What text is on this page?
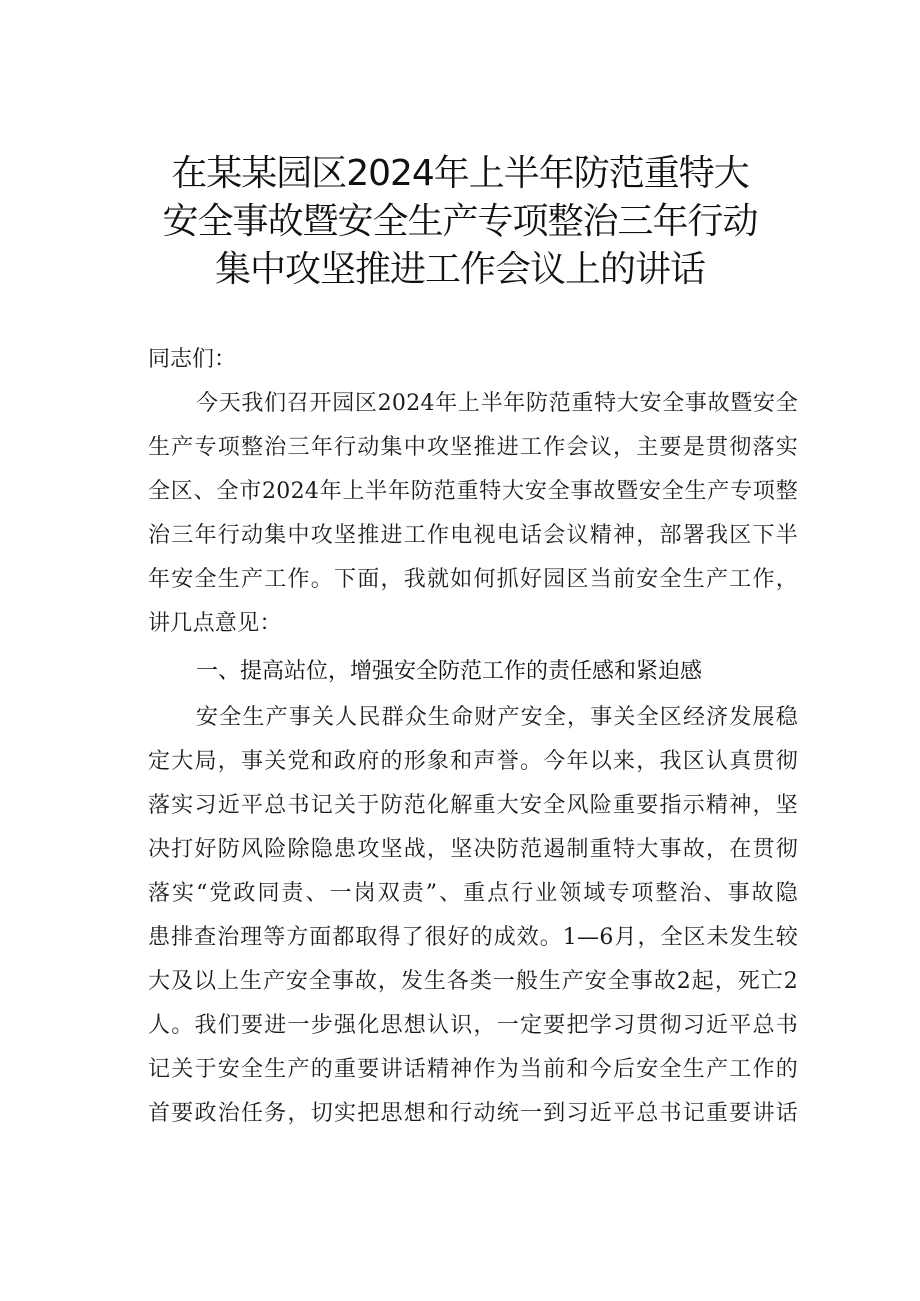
在某某园区2024年上半年防范重特大
安全事故暨安全生产专项整治三年行动
集中攻坚推进工作会议上的讲话

同志们：

今天我们召开园区2024年上半年防范重特大安全事故暨安全
生产专项整治三年行动集中攻坚推进工作会议，主要是贯彻落实
全区、全市2024年上半年防范重特大安全事故暨安全生产专项整
治三年行动集中攻坚推进工作电视电话会议精神，部署我区下半
年安全生产工作。下面，我就如何抓好园区当前安全生产工作，
讲几点意见：
一、提高站位，增强安全防范工作的责任感和紧迫感
安全生产事关人民群众生命财产安全，事关全区经济发展稳
定大局，事关党和政府的形象和声誉。今年以来，我区认真贯彻
落实习近平总书记关于防范化解重大安全风险重要指示精神，坚
决打好防风险除隐患攻坚战，坚决防范遏制重特大事故，在贯彻
落实“党政同责、一岗双责”、重点行业领域专项整治、事故隐
患排查治理等方面都取得了很好的成效。1—6月，全区未发生较
大及以上生产安全事故，发生各类一般生产安全事故2起，死亡2
人。我们要进一步强化思想认识，一定要把学习贯彻习近平总书
记关于安全生产的重要讲话精神作为当前和今后安全生产工作的
首要政治任务，切实把思想和行动统一到习近平总书记重要讲话
